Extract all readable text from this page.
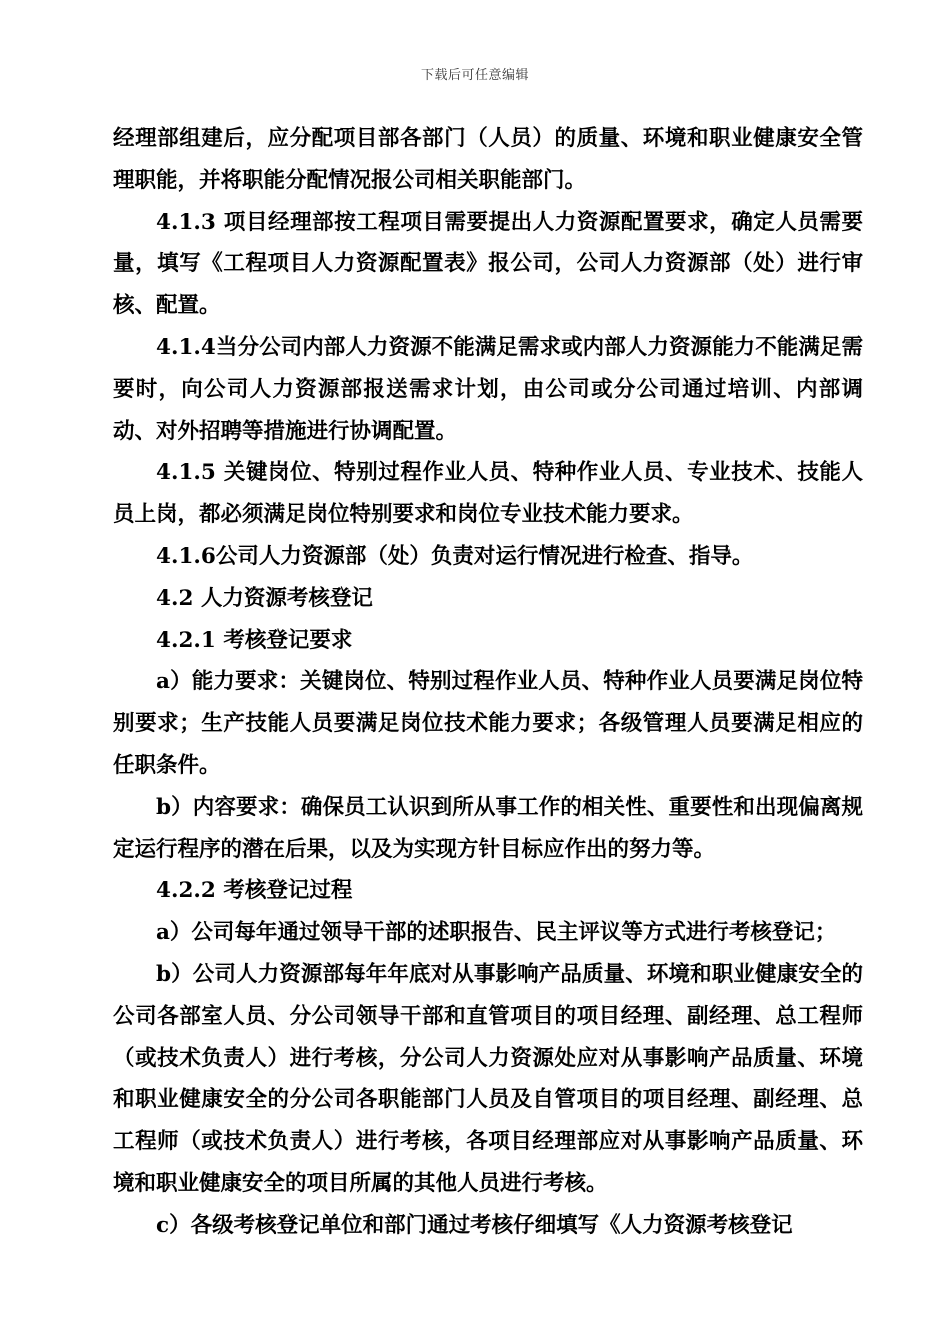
下载后可任意编辑

经理部组建后，应分配项目部各部门（人员）的质量、环境和职业健康安全管理职能，并将职能分配情况报公司相关职能部门。

4.1.3 项目经理部按工程项目需要提出人力资源配置要求，确定人员需要量，填写《工程项目人力资源配置表》报公司，公司人力资源部（处）进行审核、配置。

4.1.4当分公司内部人力资源不能满足需求或内部人力资源能力不能满足需要时，向公司人力资源部报送需求计划，由公司或分公司通过培训、内部调动、对外招聘等措施进行协调配置。

4.1.5 关键岗位、特别过程作业人员、特种作业人员、专业技术、技能人员上岗，都必须满足岗位特别要求和岗位专业技术能力要求。

4.1.6公司人力资源部（处）负责对运行情况进行检查、指导。

4.2 人力资源考核登记

4.2.1 考核登记要求

a）能力要求：关键岗位、特别过程作业人员、特种作业人员要满足岗位特别要求；生产技能人员要满足岗位技术能力要求；各级管理人员要满足相应的任职条件。

b）内容要求：确保员工认识到所从事工作的相关性、重要性和出现偏离规定运行程序的潜在后果，以及为实现方针目标应作出的努力等。

4.2.2 考核登记过程

a）公司每年通过领导干部的述职报告、民主评议等方式进行考核登记；

b）公司人力资源部每年年底对从事影响产品质量、环境和职业健康安全的公司各部室人员、分公司领导干部和直管项目的项目经理、副经理、总工程师（或技术负责人）进行考核，分公司人力资源处应对从事影响产品质量、环境和职业健康安全的分公司各职能部门人员及自管项目的项目经理、副经理、总工程师（或技术负责人）进行考核，各项目经理部应对从事影响产品质量、环境和职业健康安全的项目所属的其他人员进行考核。

c）各级考核登记单位和部门通过考核仔细填写《人力资源考核登记
